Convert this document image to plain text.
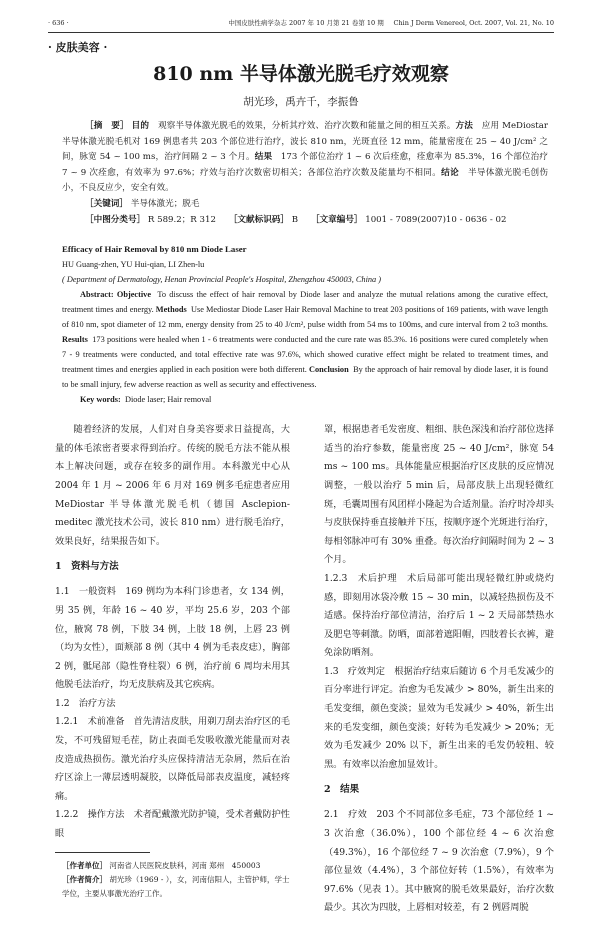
· 636 ·	中国皮肤性病学杂志 2007 年 10 月第 21 卷第 10 期 Chin J Derm Venereol, Oct. 2007, Vol. 21, No. 10
· 皮肤美容 ·
810 nm 半导体激光脱毛疗效观察
胡光珍，禹卉千，李振鲁

［摘　要］ 目的　 观察半导体激光脱毛的效果，分析其疗效、治疗次数和能量之间的相互关系。方法　 应用 MeDiostar 半导体激光脱毛机对 169 例患者共 203 个部位进行治疗，波长 810 nm，光斑直径 12 mm，能量密度在 25 ~ 40 J/cm² 之间，脉宽 54 ~ 100 ms，治疗间隔 2 ~ 3 个月。结果　 173 个部位治疗 1 ~ 6 次后痊愈，痊愈率为 85.3%，16 个部位治疗 7 ~ 9 次痊愈，有效率为 97.6%；疗效与治疗次数密切相关；各部位治疗次数及能量均不相同。结论　 半导体激光脱毛创伤小，不良反应少，安全有效。

［关键词］ 半导体激光；脱毛

［中图分类号］ R 589.2；R 312　　 ［文献标识码］ B　　 ［文章编号］ 1001 - 7089(2007)10 - 0636 - 02

Efficacy of Hair Removal by 810 nm Diode Laser

HU Guang-zhen, YU Hui-qian, LI Zhen-lu

( Department of Dermatology, Henan Provincial People's Hospital, Zhengzhou 450003, China )

Abstract: Objective To discuss the effect of hair removal by Diode laser and analyze the mutual relations among the curative effect, treatment times and energy. Methods Use Mediostar Diode Laser Hair Removal Machine to treat 203 positions of 169 patients, with wave length of 810 nm, spot diameter of 12 mm, energy density from 25 to 40 J/cm², pulse width from 54 ms to 100ms, and cure interval from 2 to3 months. Results 173 positions were healed when 1 - 6 treatments were conducted and the cure rate was 85.3%. 16 positions were cured completely when 7 - 9 treatments were conducted, and total effective rate was 97.6%, which showed curative effect might be related to treatment times, and treatment times and energies applied in each position were both different. Conclusion By the approach of hair removal by diode laser, it is found to be small injury, few adverse reaction as well as security and effectiveness.

Key words: Diode laser; Hair removal

随着经济的发展，人们对自身美容要求日益提高，大量的体毛浓密者要求得到治疗。传统的脱毛方法不能从根本上解决问题，或存在较多的副作用。本科激光中心从 2004 年 1 月 ~ 2006 年 6 月对 169 例多毛症患者应用 MeDiostar 半导体激光脱毛机（德国 Asclepion-meditec 激光技术公司，波长 810 nm）进行脱毛治疗，效果良好，结果报告如下。

1　资料与方法

1.1　一般资料　169 例均为本科门诊患者，女 134 例，男 35 例，年龄 16 ~ 40 岁，平均 25.6 岁，203 个部位，腋窝 78 例，下肢 34 例，上肢 18 例，上唇 23 例（均为女性），面颊部 8 例（其中 4 例为毛表皮痣），胸部 2 例，骶尾部（隐性脊柱裂）6 例，治疗前 6 周均未用其他脱毛法治疗，均无皮肤病及其它疾病。

1.2　治疗方法

1.2.1　术前准备　首先清洁皮肤，用剃刀刮去治疗区的毛发，不可残留短毛茬，防止表面毛发吸收激光能量而对表皮造成热损伤。激光治疗头应保持清洁无杂屑，然后在治疗区涂上一薄层透明凝胶，以降低局部表皮温度，减轻疼痛。

1.2.2　操作方法　术者配戴激光防护镜，受术者戴防护性眼

［作者单位］ 河南省人民医院皮肤科，河南 郑州　450003

［作者简介］ 胡光珍（1969 - ），女，河南信阳人，主管护师，学士学位，主要从事激光治疗工作。

罩，根据患者毛发密度、粗细、肤色深浅和治疗部位选择适当的治疗参数，能量密度 25 ~ 40 J/cm²，脉宽 54 ms ~ 100 ms。具体能量应根据治疗区皮肤的反应情况调整，一般以治疗 5 min 后，局部皮肤上出现轻微红斑，毛囊周围有风团样小隆起为合适剂量。治疗时冷却头与皮肤保持垂直接触并下压，按顺序逐个光斑进行治疗，每相邻脉冲可有 30% 重叠。每次治疗间隔时间为 2 ~ 3 个月。

1.2.3　术后护理　术后局部可能出现轻微红肿或烧灼感，即刻用冰袋冷敷 15 ~ 30 min，以减轻热损伤及不适感。保持治疗部位清洁，治疗后 1 ~ 2 天局部禁热水及肥皂等刺激。防晒，面部着遮阳帽，四肢着长衣裤，避免涂防晒剂。

1.3　疗效判定　根据治疗结束后随访 6 个月毛发减少的百分率进行评定。治愈为毛发减少 > 80%，新生出来的毛发变细，颜色变淡；显效为毛发减少 > 40%，新生出来的毛发变细，颜色变淡；好转为毛发减少 > 20%；无效为毛发减少 20% 以下，新生出来的毛发仍较粗、较黑。有效率以治愈加显效计。

2　结果

2.1　疗效　203 个不同部位多毛症，73 个部位经 1 ~ 3 次治愈（36.0%），100 个部位经 4 ~ 6 次治愈（49.3%），16 个部位经 7 ~ 9 次治愈（7.9%），9 个部位显效（4.4%），3 个部位好转（1.5%），有效率为 97.6%（见表 1）。其中腋窝的脱毛效果最好，治疗次数最少。其次为四肢，上唇相对较差，有 2 例唇周脱
